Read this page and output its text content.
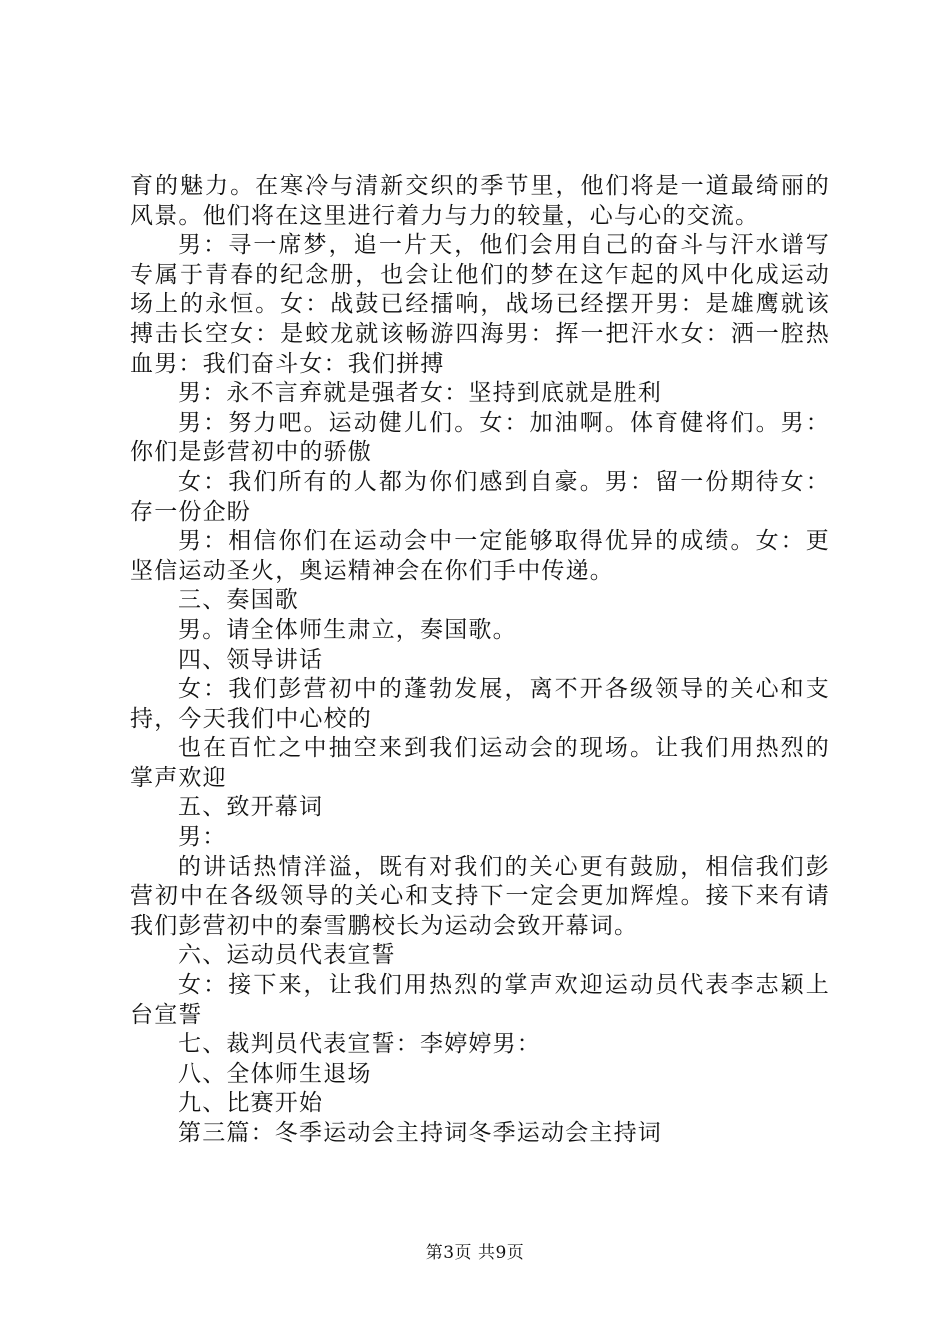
育的魅力。在寒冷与清新交织的季节里，他们将是一道最绮丽的风景。他们将在这里进行着力与力的较量，心与心的交流。

男：寻一席梦，追一片天，他们会用自己的奋斗与汗水谱写专属于青春的纪念册，也会让他们的梦在这乍起的风中化成运动场上的永恒。女：战鼓已经擂响，战场已经摆开男：是雄鹰就该搏击长空女：是蛟龙就该畅游四海男：挥一把汗水女：洒一腔热血男：我们奋斗女：我们拼搏

男：永不言弃就是强者女：坚持到底就是胜利

男：努力吧。运动健儿们。女：加油啊。体育健将们。男：你们是彭营初中的骄傲

女：我们所有的人都为你们感到自豪。男：留一份期待女：存一份企盼

男：相信你们在运动会中一定能够取得优异的成绩。女：更坚信运动圣火，奥运精神会在你们手中传递。

三、奏国歌

男。请全体师生肃立，奏国歌。

四、领导讲话

女：我们彭营初中的蓬勃发展，离不开各级领导的关心和支持，今天我们中心校的

也在百忙之中抽空来到我们运动会的现场。让我们用热烈的掌声欢迎

五、致开幕词

男：

的讲话热情洋溢，既有对我们的关心更有鼓励，相信我们彭营初中在各级领导的关心和支持下一定会更加辉煌。接下来有请我们彭营初中的秦雪鹏校长为运动会致开幕词。

六、运动员代表宣誓

女：接下来，让我们用热烈的掌声欢迎运动员代表李志颖上台宣誓

七、裁判员代表宣誓：李婷婷男：

八、全体师生退场

九、比赛开始

第三篇：冬季运动会主持词冬季运动会主持词

第3页 共9页
